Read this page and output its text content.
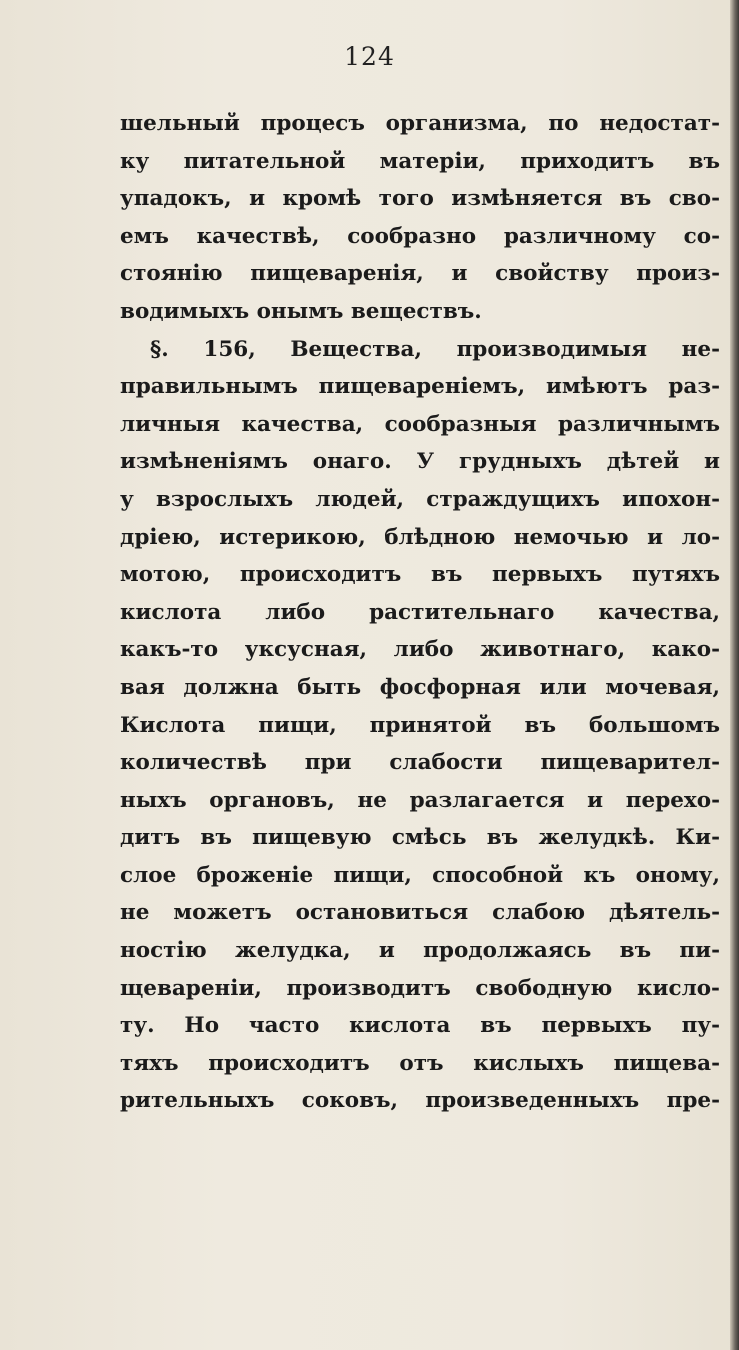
124
шельный процесъ организма, по недостат-
ку питательной матеріи, приходитъ въ
упадокъ, и кромѣ того измѣняется въ сво-
емъ качествѣ, сообразно различному со-
стоянію пищеваренія, и свойству произ-
водимыхъ онымъ веществъ.
§. 156, Вещества, производимыя не-
правильнымъ пищевареніемъ, имѣютъ раз-
личныя качества, сообразныя различнымъ
измѣненіямъ онаго. У грудныхъ дѣтей и
у взрослыхъ людей, страждущихъ ипохон-
дріею, истерикою, блѣдною немочью и ло-
мотою, происходитъ въ первыхъ путяхъ
кислота либо растительнаго качества,
какъ-то уксусная, либо животнаго, како-
вая должна быть фосфорная или мочевая,
Кислота пищи, принятой въ большомъ
количествѣ при слабости пищеварител-
ныхъ органовъ, не разлагается и перехо-
дитъ въ пищевую смѣсь въ желудкѣ. Ки-
слое броженіе пищи, способной къ оному,
не можетъ остановиться слабою дѣятель-
ностію желудка, и продолжаясь въ пи-
щевареніи, производитъ свободную кисло-
ту. Но часто кислота въ первыхъ пу-
тяхъ происходитъ отъ кислыхъ пищева-
рительныхъ соковъ, произведенныхъ пре-
